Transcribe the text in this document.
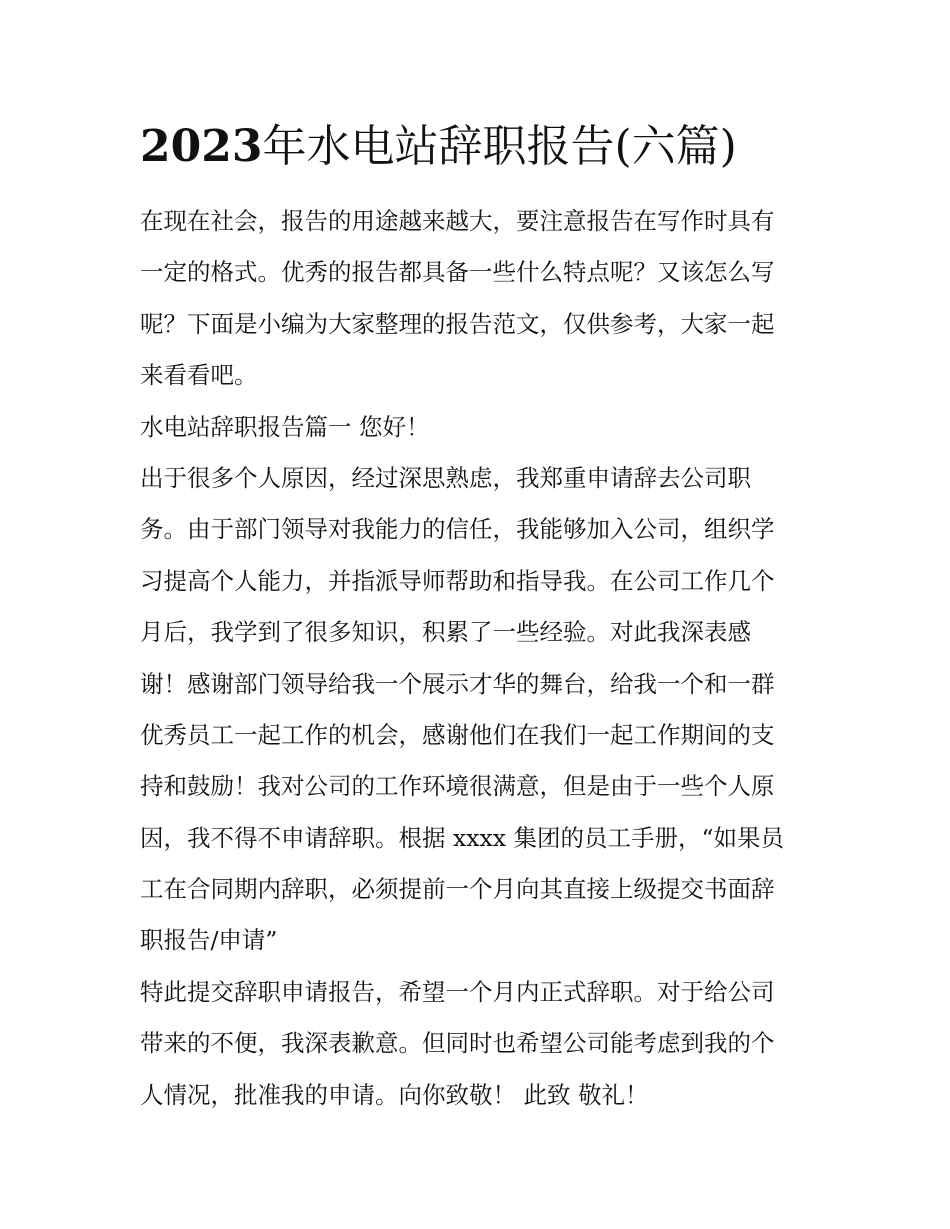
2023年水电站辞职报告(六篇)
在现在社会，报告的用途越来越大，要注意报告在写作时具有
一定的格式。优秀的报告都具备一些什么特点呢？又该怎么写
呢？下面是小编为大家整理的报告范文，仅供参考，大家一起
来看看吧。
水电站辞职报告篇一 您好！
出于很多个人原因，经过深思熟虑，我郑重申请辞去公司职
务。由于部门领导对我能力的信任，我能够加入公司，组织学
习提高个人能力，并指派导师帮助和指导我。在公司工作几个
月后，我学到了很多知识，积累了一些经验。对此我深表感
谢！感谢部门领导给我一个展示才华的舞台，给我一个和一群
优秀员工一起工作的机会，感谢他们在我们一起工作期间的支
持和鼓励！我对公司的工作环境很满意，但是由于一些个人原
因，我不得不申请辞职。根据 xxxx 集团的员工手册，“如果员
工在合同期内辞职，必须提前一个月向其直接上级提交书面辞
职报告/申请”
特此提交辞职申请报告，希望一个月内正式辞职。对于给公司
带来的不便，我深表歉意。但同时也希望公司能考虑到我的个
人情况，批准我的申请。向你致敬！ 此致 敬礼！
